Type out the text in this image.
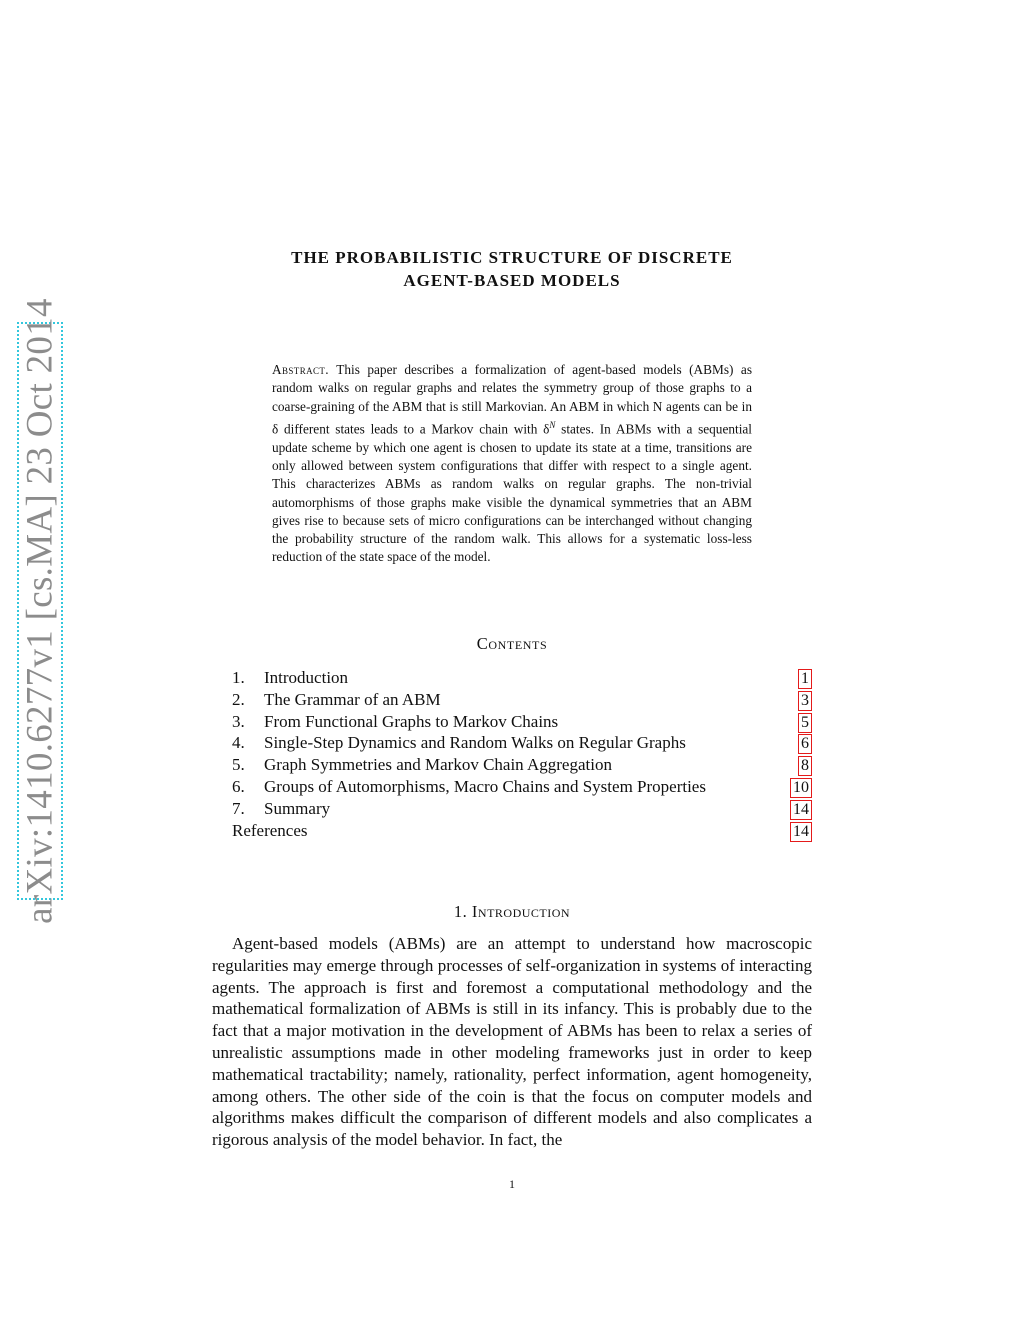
arXiv:1410.6277v1 [cs.MA] 23 Oct 2014
THE PROBABILISTIC STRUCTURE OF DISCRETE
AGENT-BASED MODELS
Abstract. This paper describes a formalization of agent-based models (ABMs) as random walks on regular graphs and relates the symmetry group of those graphs to a coarse-graining of the ABM that is still Markovian. An ABM in which N agents can be in δ different states leads to a Markov chain with $\delta^N$ states. In ABMs with a sequential update scheme by which one agent is chosen to update its state at a time, transitions are only allowed between system configurations that differ with respect to a single agent. This characterizes ABMs as random walks on regular graphs. The non-trivial automorphisms of those graphs make visible the dynamical symmetries that an ABM gives rise to because sets of micro configurations can be interchanged without changing the probability structure of the random walk. This allows for a systematic loss-less reduction of the state space of the model.
Contents
1. Introduction	1
2. The Grammar of an ABM	3
3. From Functional Graphs to Markov Chains	5
4. Single-Step Dynamics and Random Walks on Regular Graphs	6
5. Graph Symmetries and Markov Chain Aggregation	8
6. Groups of Automorphisms, Macro Chains and System Properties	10
7. Summary	14
References	14
1. Introduction
Agent-based models (ABMs) are an attempt to understand how macroscopic regularities may emerge through processes of self-organization in systems of interacting agents. The approach is first and foremost a computational methodology and the mathematical formalization of ABMs is still in its infancy. This is probably due to the fact that a major motivation in the development of ABMs has been to relax a series of unrealistic assumptions made in other modeling frameworks just in order to keep mathematical tractability; namely, rationality, perfect information, agent homogeneity, among others. The other side of the coin is that the focus on computer models and algorithms makes difficult the comparison of different models and also complicates a rigorous analysis of the model behavior. In fact, the
1
